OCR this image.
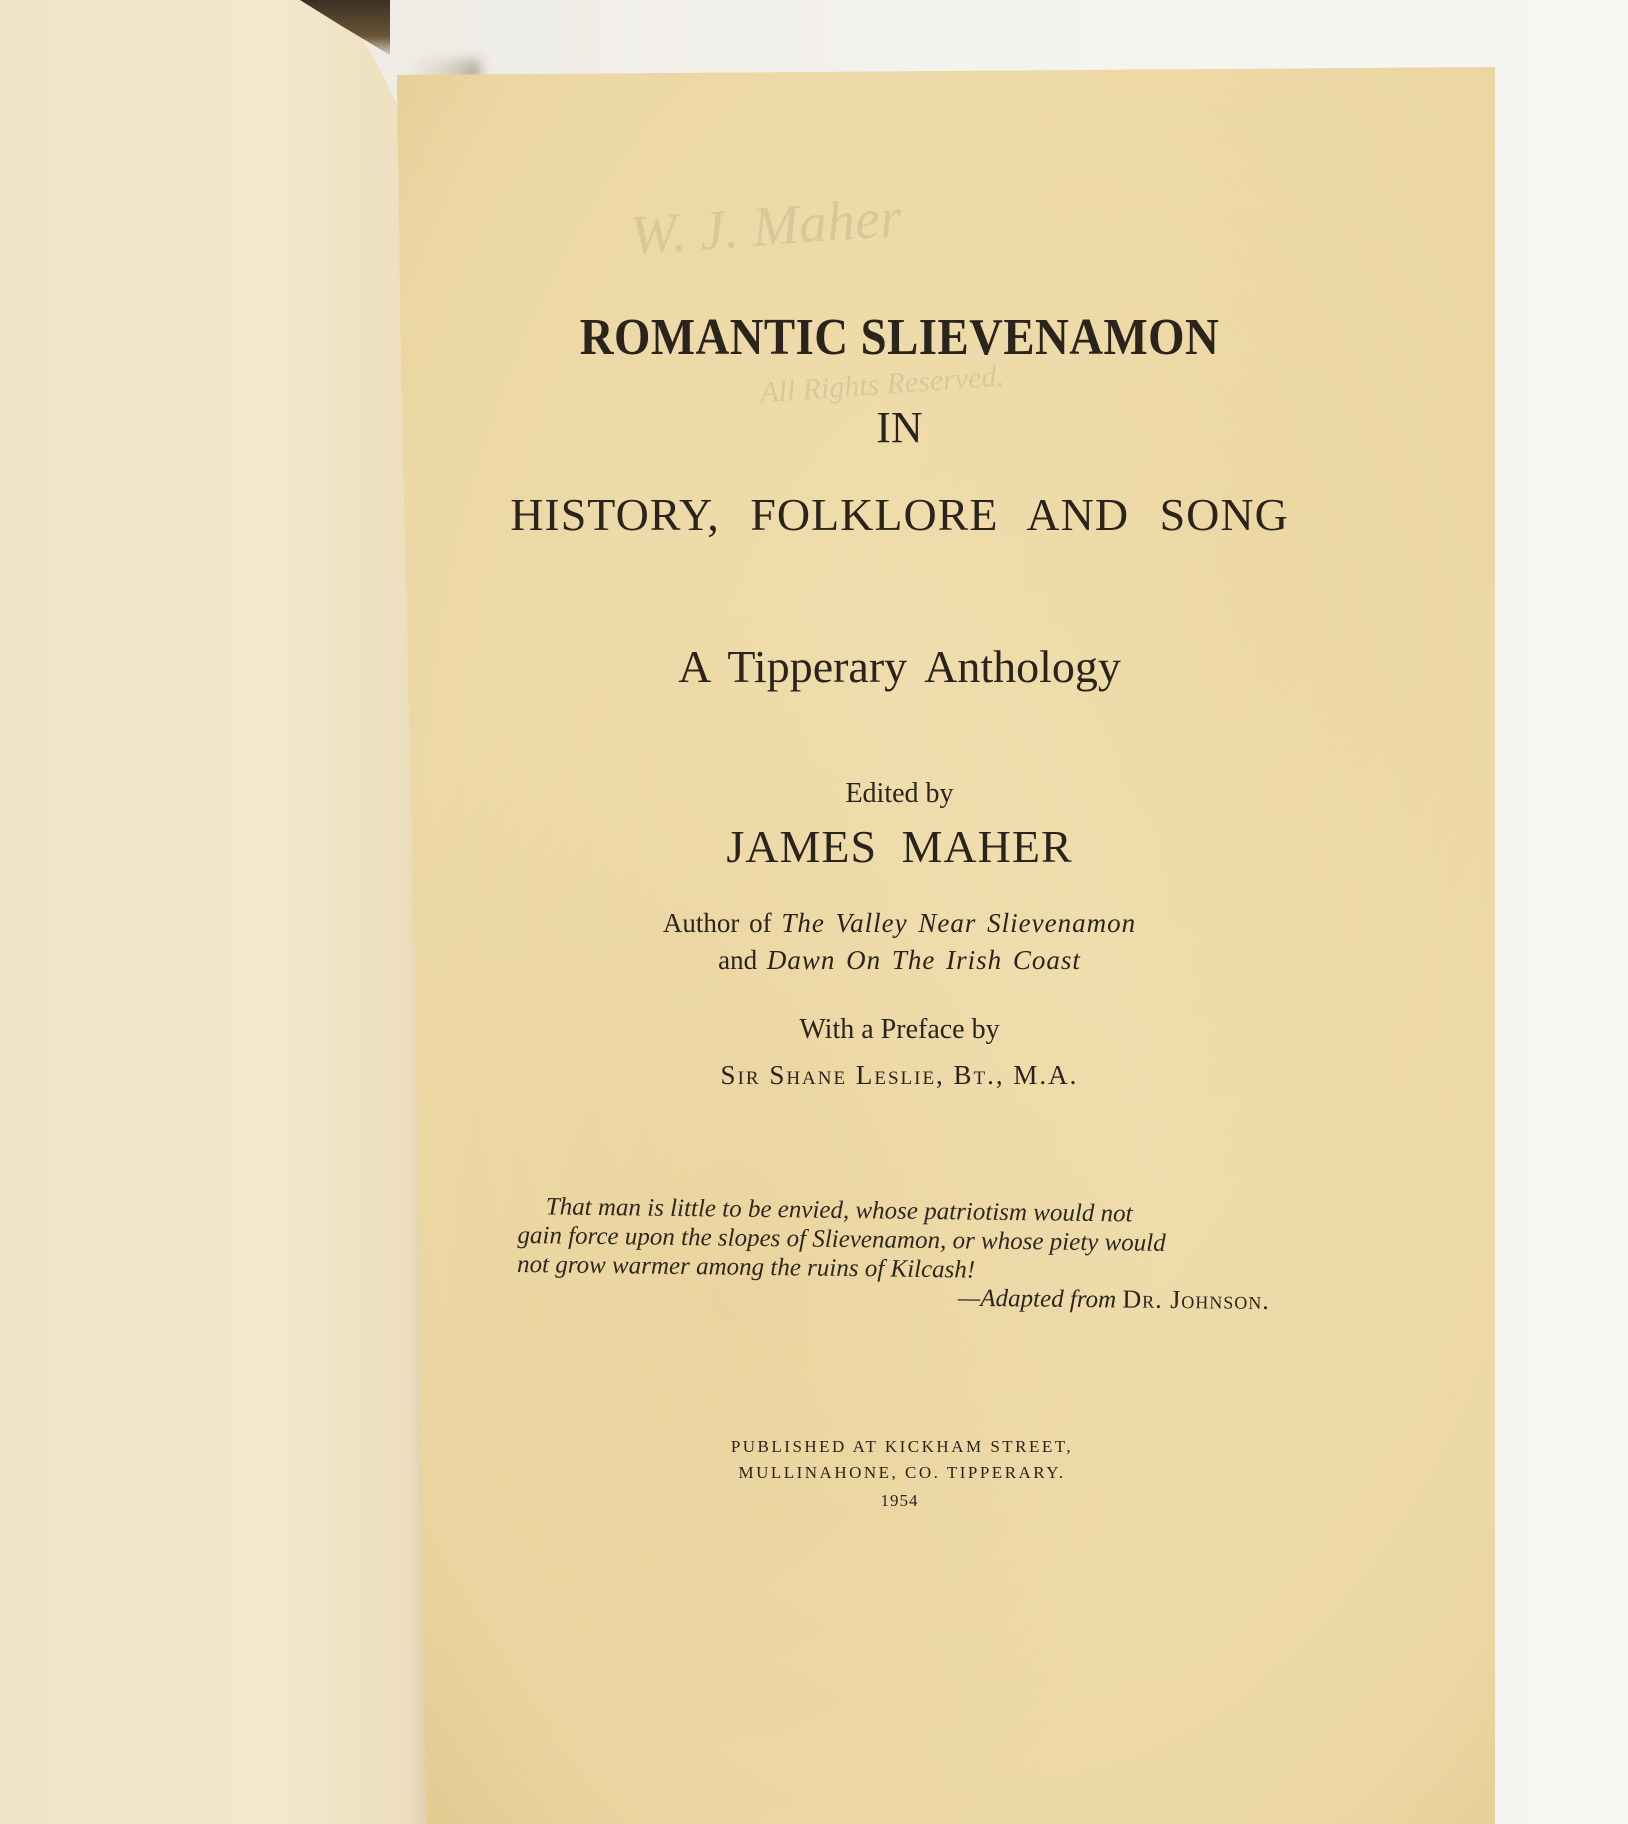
W. J. Maher
All Rights Reserved.
ROMANTIC SLIEVENAMON
IN
HISTORY, FOLKLORE AND SONG
A Tipperary Anthology
Edited by
JAMES MAHER
Author of The Valley Near Slievenamon
and Dawn On The Irish Coast
With a Preface by
Sir Shane Leslie, Bt., M.A.
That man is little to be envied, whose patriotism would not
gain force upon the slopes of Slievenamon, or whose piety would
not grow warmer among the ruins of Kilcash!
—Adapted from Dr. Johnson.
PUBLISHED AT KICKHAM STREET,
MULLINAHONE, CO. TIPPERARY.
1954
